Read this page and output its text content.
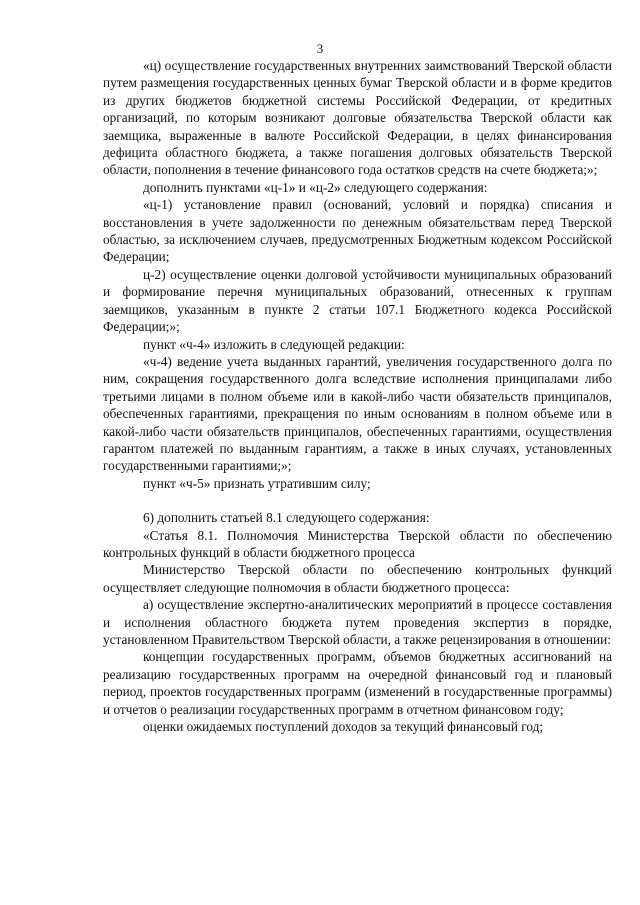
3

«ц) осуществление государственных внутренних заимствований Тверской области путем размещения государственных ценных бумаг Тверской области и в форме кредитов из других бюджетов бюджетной системы Российской Федерации, от кредитных организаций, по которым возникают долговые обязательства Тверской области как заемщика, выраженные в валюте Российской Федерации, в целях финансирования дефицита областного бюджета, а также погашения долговых обязательств Тверской области, пополнения в течение финансового года остатков средств на счете бюджета;»;

дополнить пунктами «ц-1» и «ц-2» следующего содержания:

«ц-1) установление правил (оснований, условий и порядка) списания и восстановления в учете задолженности по денежным обязательствам перед Тверской областью, за исключением случаев, предусмотренных Бюджетным кодексом Российской Федерации;

ц-2) осуществление оценки долговой устойчивости муниципальных образований и формирование перечня муниципальных образований, отнесенных к группам заемщиков, указанным в пункте 2 статьи 107.1 Бюджетного кодекса Российской Федерации;»;

пункт «ч-4» изложить в следующей редакции:

«ч-4) ведение учета выданных гарантий, увеличения государственного долга по ним, сокращения государственного долга вследствие исполнения принципалами либо третьими лицами в полном объеме или в какой-либо части обязательств принципалов, обеспеченных гарантиями, прекращения по иным основаниям в полном объеме или в какой-либо части обязательств принципалов, обеспеченных гарантиями, осуществления гарантом платежей по выданным гарантиям, а также в иных случаях, установленных государственными гарантиями;»;

пункт «ч-5» признать утратившим силу;

6) дополнить статьей 8.1 следующего содержания:

«Статья 8.1. Полномочия Министерства Тверской области по обеспечению контрольных функций в области бюджетного процесса

Министерство Тверской области по обеспечению контрольных функций осуществляет следующие полномочия в области бюджетного процесса:

а) осуществление экспертно-аналитических мероприятий в процессе составления и исполнения областного бюджета путем проведения экспертиз в порядке, установленном Правительством Тверской области, а также рецензирования в отношении:

концепции государственных программ, объемов бюджетных ассигнований на реализацию государственных программ на очередной финансовый год и плановый период, проектов государственных программ (изменений в государственные программы) и отчетов о реализации государственных программ в отчетном финансовом году;

оценки ожидаемых поступлений доходов за текущий финансовый год;
